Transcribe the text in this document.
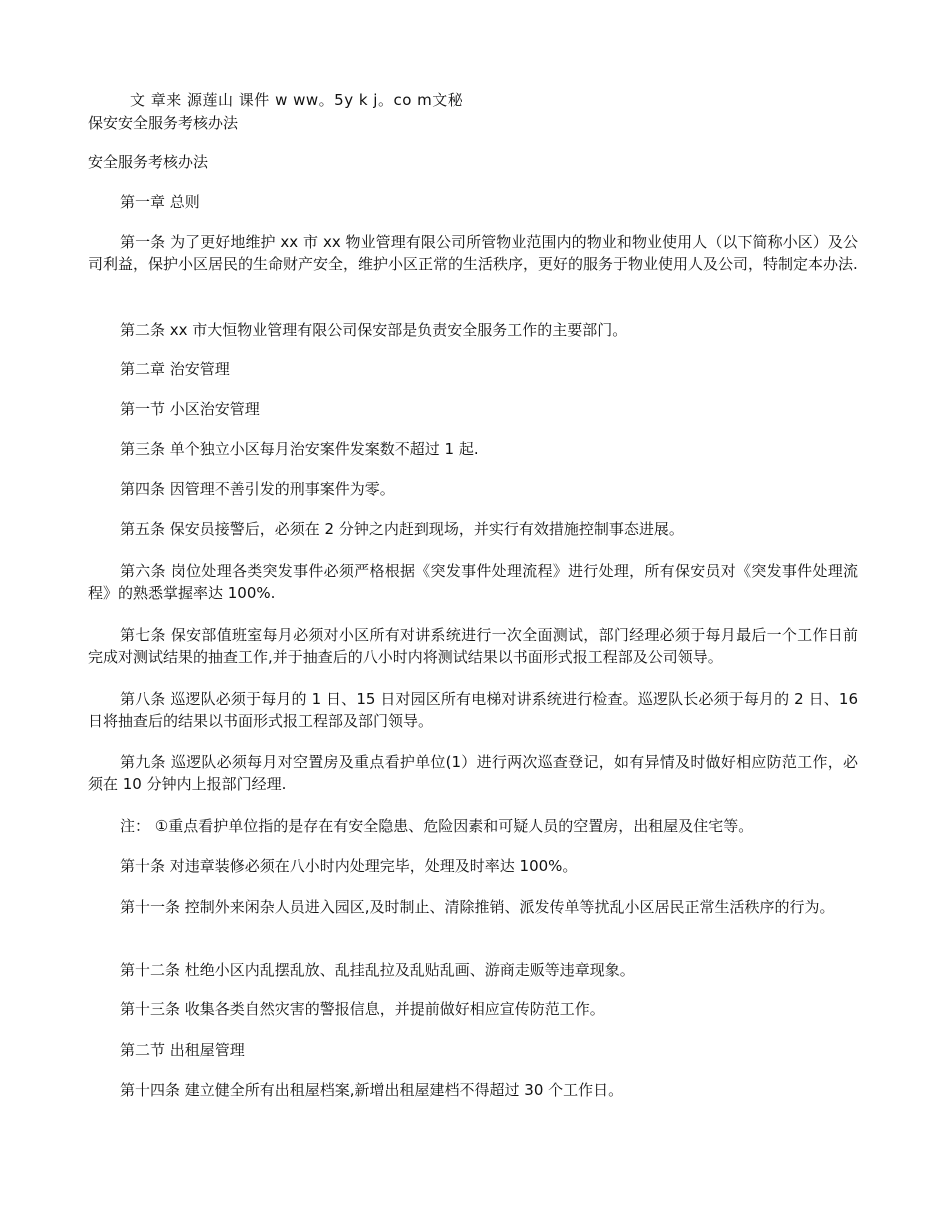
文 章来 源莲山 课件 w ww。5y k j。co m文秘
保安安全服务考核办法
安全服务考核办法
第一章 总则
第一条 为了更好地维护 xx 市 xx 物业管理有限公司所管物业范围内的物业和物业使用人（以下简称小区）及公司利益，保护小区居民的生命财产安全，维护小区正常的生活秩序，更好的服务于物业使用人及公司，特制定本办法.
第二条 xx 市大恒物业管理有限公司保安部是负责安全服务工作的主要部门。
第二章 治安管理
第一节 小区治安管理
第三条 单个独立小区每月治安案件发案数不超过 1 起.
第四条 因管理不善引发的刑事案件为零。
第五条 保安员接警后，必须在 2 分钟之内赶到现场，并实行有效措施控制事态进展。
第六条 岗位处理各类突发事件必须严格根据《突发事件处理流程》进行处理，所有保安员对《突发事件处理流程》的熟悉掌握率达 100%.
第七条 保安部值班室每月必须对小区所有对讲系统进行一次全面测试，部门经理必须于每月最后一个工作日前完成对测试结果的抽查工作,并于抽查后的八小时内将测试结果以书面形式报工程部及公司领导。
第八条 巡逻队必须于每月的 1 日、15 日对园区所有电梯对讲系统进行检查。巡逻队长必须于每月的 2 日、16 日将抽查后的结果以书面形式报工程部及部门领导。
第九条 巡逻队必须每月对空置房及重点看护单位(1）进行两次巡查登记，如有异情及时做好相应防范工作，必须在 10 分钟内上报部门经理.
注： ①重点看护单位指的是存在有安全隐患、危险因素和可疑人员的空置房，出租屋及住宅等。
第十条 对违章装修必须在八小时内处理完毕，处理及时率达 100%。
第十一条 控制外来闲杂人员进入园区,及时制止、清除推销、派发传单等扰乱小区居民正常生活秩序的行为。
第十二条 杜绝小区内乱摆乱放、乱挂乱拉及乱贴乱画、游商走贩等违章现象。
第十三条 收集各类自然灾害的警报信息，并提前做好相应宣传防范工作。
第二节 出租屋管理
第十四条 建立健全所有出租屋档案,新增出租屋建档不得超过 30 个工作日。
